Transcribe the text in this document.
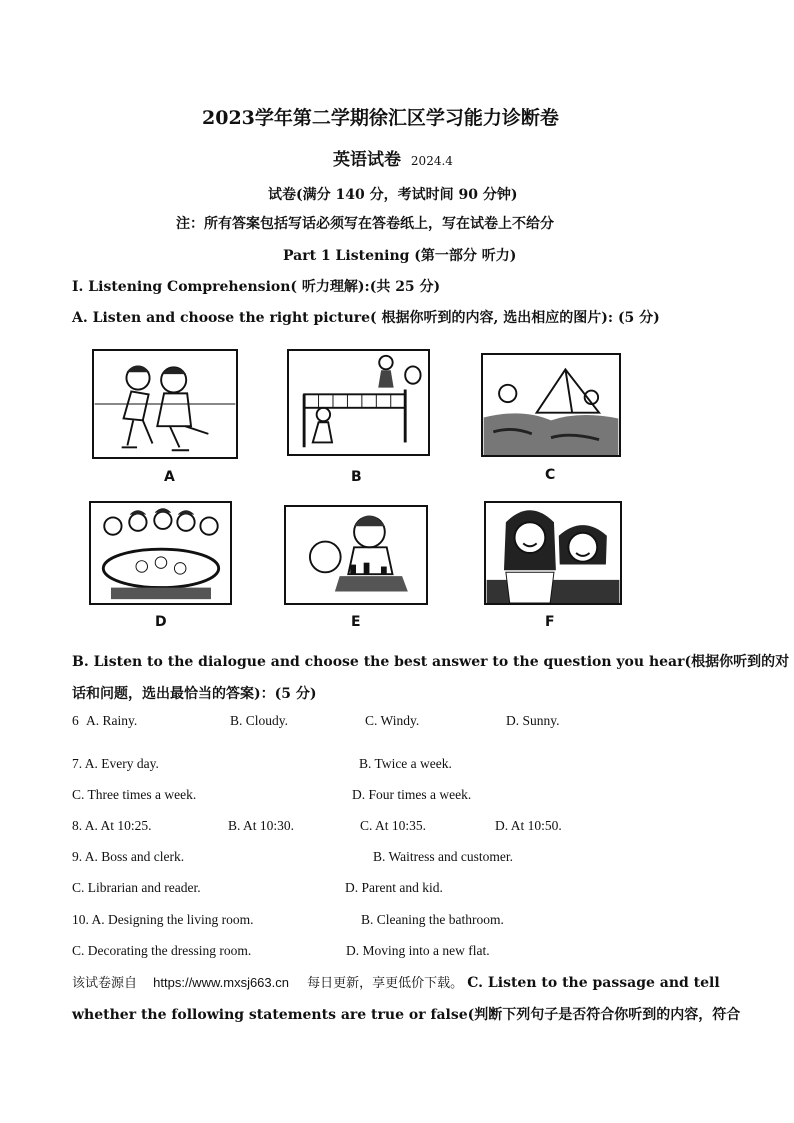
2023学年第二学期徐汇区学习能力诊断卷
英语试卷 2024.4
试卷(满分 140 分，考试时间 90 分钟)
注：所有答案包括写话必须写在答卷纸上，写在试卷上不给分
Part 1 Listening (第一部分 听力)
I. Listening Comprehension( 听力理解):(共 25 分)
A. Listen and choose the right picture( 根据你听到的内容, 选出相应的图片): (5 分)
A	B	C
D	E	F
B. Listen to the dialogue and choose the best answer to the question you hear(根据你听到的对
话和问题，选出最恰当的答案)：(5 分)
6 A. Rainy.	B. Cloudy.	C. Windy.	D. Sunny.
7. A. Every day.	B. Twice a week.
C. Three times a week.	D. Four times a week.
8. A. At 10:25.	B. At 10:30.	C. At 10:35.	D. At 10:50.
9. A. Boss and clerk.	B. Waitress and customer.
C. Librarian and reader.	D. Parent and kid.
10. A. Designing the living room.	B. Cleaning the bathroom.
C. Decorating the dressing room.	D. Moving into a new flat.
该试卷源自 https://www.mxsj663.cn 每日更新，享更低价下载。 C. Listen to the passage and tell
whether the following statements are true or false(判断下列句子是否符合你听到的内容，符合
